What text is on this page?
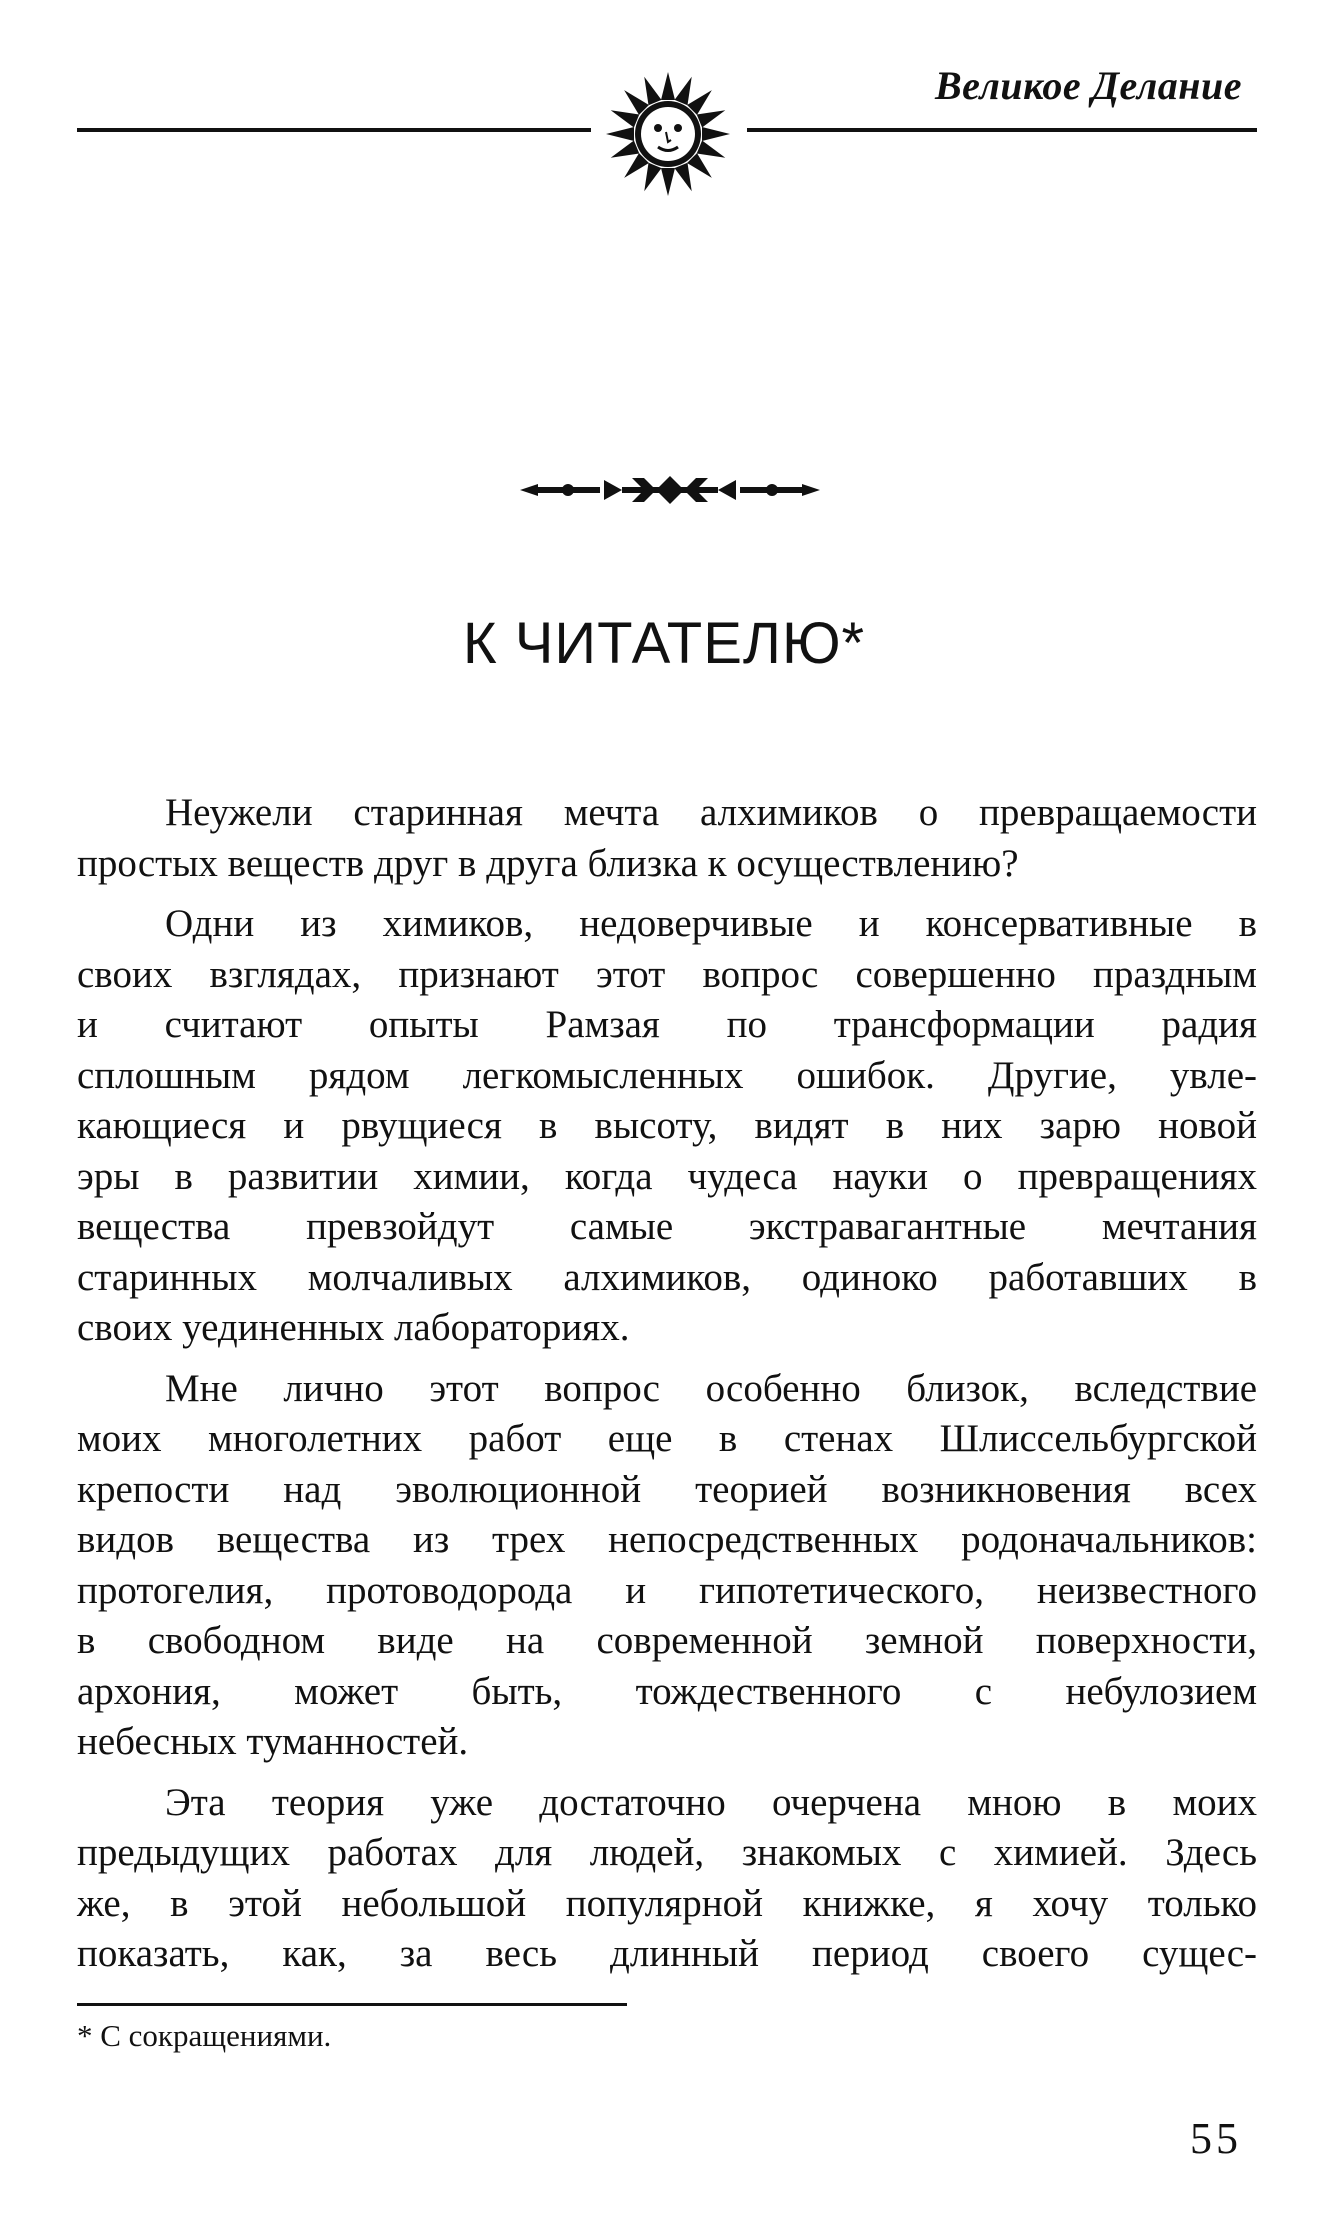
Великое Делание
К ЧИТАТЕЛЮ*

Неужели старинная мечта алхимиков о превращаемости
простых веществ друг в друга близка к осуществлению?

Одни из химиков, недоверчивые и консервативные в
своих взглядах, признают этот вопрос совершенно праздным
и считают опыты Рамзая по трансформации радия
сплошным рядом легкомысленных ошибок. Другие, увле-
кающиеся и рвущиеся в высоту, видят в них зарю новой
эры в развитии химии, когда чудеса науки о превращениях
вещества превзойдут самые экстравагантные мечтания
старинных молчаливых алхимиков, одиноко работавших в
своих уединенных лабораториях.

Мне лично этот вопрос особенно близок, вследствие
моих многолетних работ еще в стенах Шлиссельбургской
крепости над эволюционной теорией возникновения всех
видов вещества из трех непосредственных родоначальников:
протогелия, протоводорода и гипотетического, неизвестного
в свободном виде на современной земной поверхности,
архония, может быть, тождественного с небулозием
небесных туманностей.

Эта теория уже достаточно очерчена мною в моих
предыдущих работах для людей, знакомых с химией. Здесь
же, в этой небольшой популярной книжке, я хочу только
показать, как, за весь длинный период своего сущес-

* С сокращениями.
55
